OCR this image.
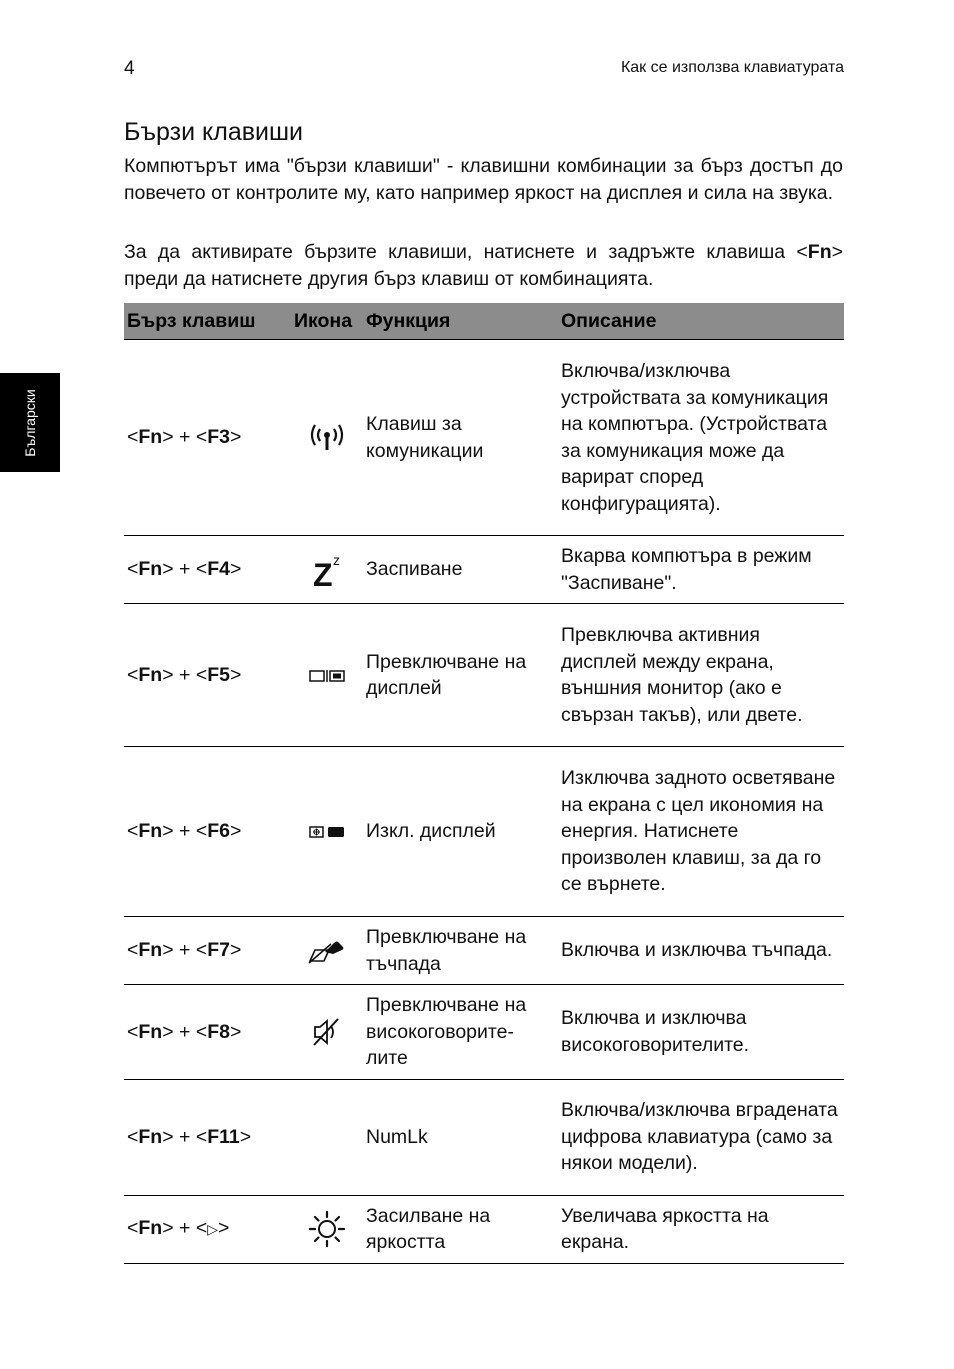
4	Как се използва клавиатурата
Български
Бързи клавиши

Компютърът има "бързи клавиши" - клавишни комбинации за бърз достъп до повечето от контролите му, като например яркост на дисплея и сила на звука.

За да активирате бързите клавиши, натиснете и задръжте клавиша <Fn> преди да натиснете другия бърз клавиш от комбинацията.

Бърз клавиш	Икона	Функция	Описание
<Fn> + <F3>		Клавиш за комуникации	Включва/изключва устройствата за комуникация на компютъра. (Устройствата за комуникация може да варират според конфигурацията).
<Fn> + <F4>	Z z	Заспиване	Вкарва компютъра в режим "Заспиване".
<Fn> + <F5>		Превключване на дисплей	Превключва активния дисплей между екрана, външния монитор (ако е свързан такъв), или двете.
<Fn> + <F6>		Изкл. дисплей	Изключва задното осветяване на екрана с цел икономия на енергия. Натиснете произволен клавиш, за да го се върнете.
<Fn> + <F7>		Превключване на тъчпада	Включва и изключва тъчпада.
<Fn> + <F8>		Превключване на високоговорите-лите	Включва и изключва високоговорителите.
<Fn> + <F11>		NumLk	Включва/изключва вградената цифрова клавиатура (само за някои модели).
<Fn> + <▷>		Засилване на яркостта	Увеличава яркостта на екрана.
